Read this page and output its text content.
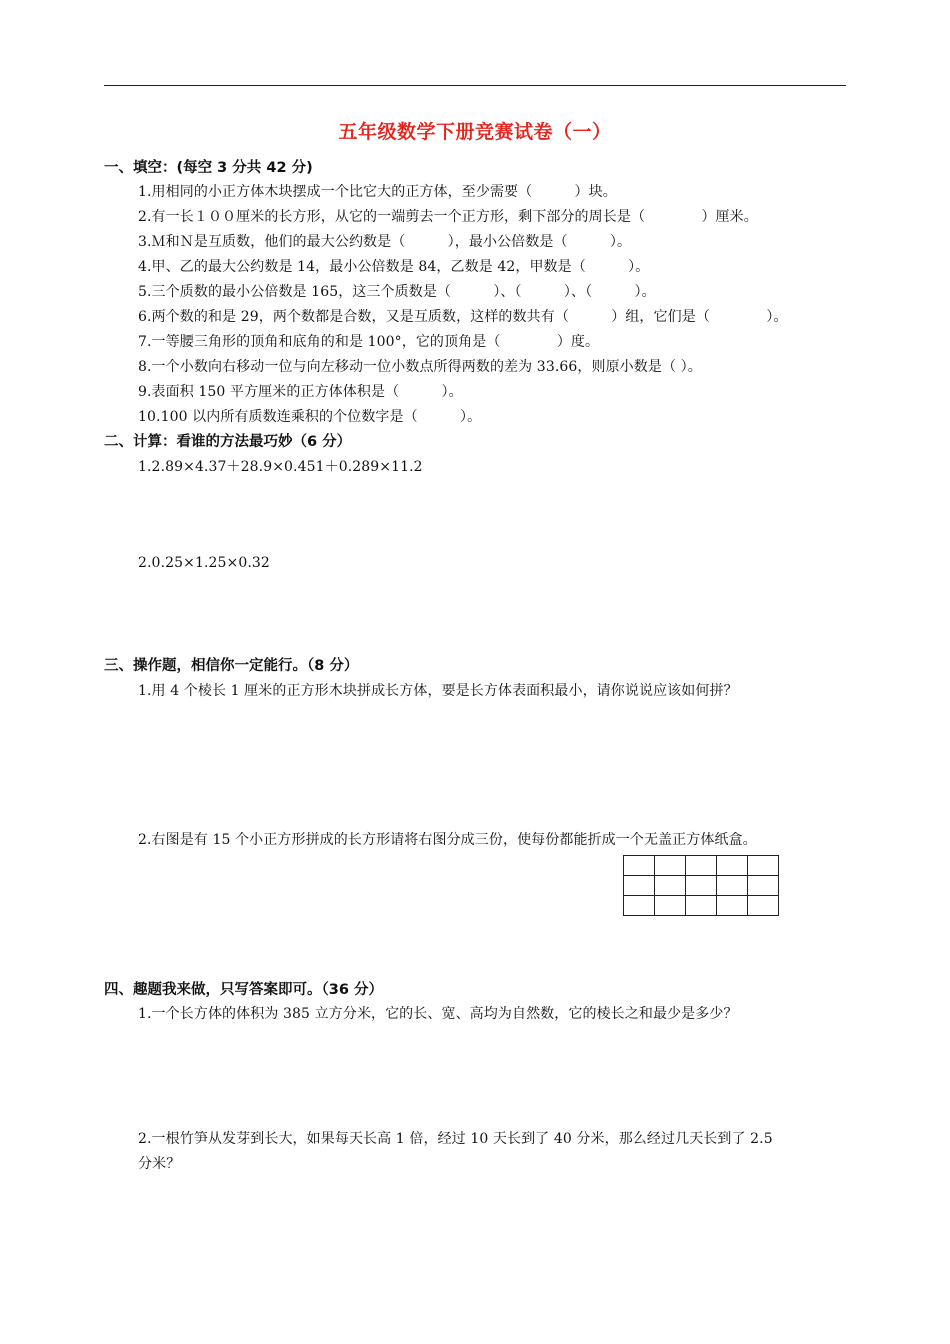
五年级数学下册竞赛试卷（一）
一、填空：(每空 3 分共 42 分)
1.用相同的小正方体木块摆成一个比它大的正方体，至少需要（　　　）块。
2.有一长１００厘米的长方形，从它的一端剪去一个正方形，剩下部分的周长是（　　　　）厘米。
3.Ｍ和Ｎ是互质数，他们的最大公约数是（　　　），最小公倍数是（　　　）。
4.甲、乙的最大公约数是 14，最小公倍数是 84，乙数是 42，甲数是（　　　）。
5.三个质数的最小公倍数是 165，这三个质数是（　　　）、（　　　）、（　　　）。
6.两个数的和是 29，两个数都是合数，又是互质数，这样的数共有（　　　）组，它们是（　　　　）。
7.一等腰三角形的顶角和底角的和是 100°，它的顶角是（　　　　）度。
8.一个小数向右移动一位与向左移动一位小数点所得两数的差为 33.66，则原小数是（ ）。
9.表面积 150 平方厘米的正方体体积是（　　　）。
10.100 以内所有质数连乘积的个位数字是（　　　）。
二、计算：看谁的方法最巧妙（6 分）
1.2.89×4.37＋28.9×0.451＋0.289×11.2
2.0.25×1.25×0.32
三、操作题，相信你一定能行。（8 分）
1.用 4 个棱长 1 厘米的正方形木块拼成长方体，要是长方体表面积最小，请你说说应该如何拼？
2.右图是有 15 个小正方形拼成的长方形请将右图分成三份，使每份都能折成一个无盖正方体纸盒。

四、趣题我来做，只写答案即可。（36 分）
1.一个长方体的体积为 385 立方分米，它的长、宽、高均为自然数，它的棱长之和最少是多少？
2.一根竹笋从发芽到长大，如果每天长高 1 倍，经过 10 天长到了 40 分米，那么经过几天长到了 2.5
分米？
